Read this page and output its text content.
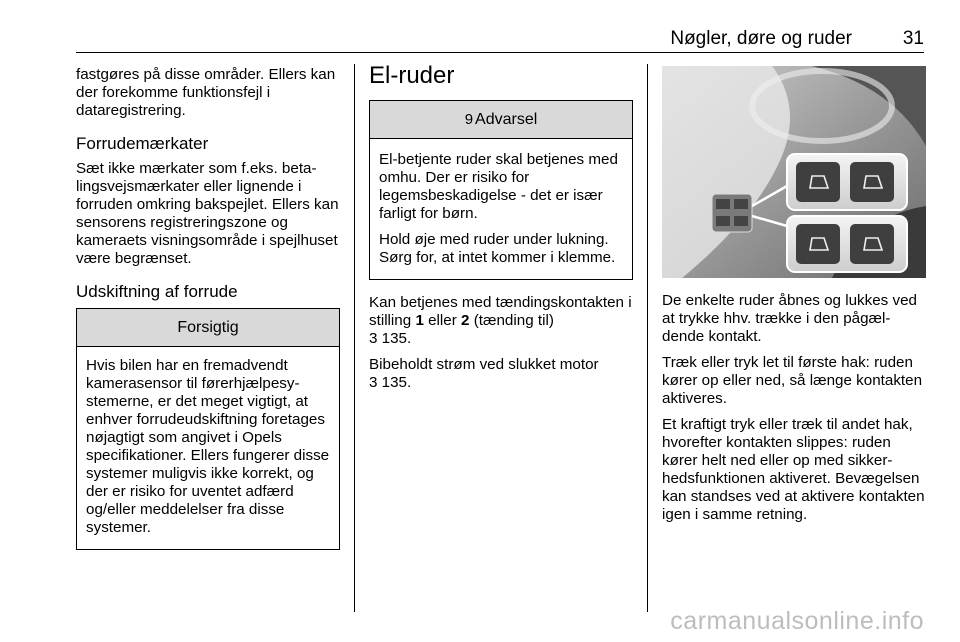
Nøgler, døre og ruder	31

fastgøres på disse områder. Ellers kan der forekomme funktionsfejl i dataregistrering.

Forrudemærkater

Sæt ikke mærkater som f.eks. betalingsvejsmærkater eller lignende i forruden omkring bakspejlet. Ellers kan sensorens registreringszone og kameraets visningsområde i spejlhuset være begrænset.

Udskiftning af forrude
Forsigtig

Hvis bilen har en fremadvendt kamerasensor til førerhjælpesystemerne, er det meget vigtigt, at enhver forrudeudskiftning foretages nøjagtigt som angivet i Opels specifikationer. Ellers fungerer disse systemer muligvis ikke korrekt, og der er risiko for uventet adfærd og/eller meddelelser fra disse systemer.

El-ruder
9 Advarsel

El-betjente ruder skal betjenes med omhu. Der er risiko for legemsbeskadigelse - det er især farligt for børn.

Hold øje med ruder under lukning. Sørg for, at intet kommer i klemme.

Kan betjenes med tændingskontakten i stilling 1 eller 2 (tænding til)
3 135.

Bibeholdt strøm ved slukket motor
3 135.

De enkelte ruder åbnes og lukkes ved at trykke hhv. trække i den pågældende kontakt.

Træk eller tryk let til første hak: ruden kører op eller ned, så længe kontakten aktiveres.

Et kraftigt tryk eller træk til andet hak, hvorefter kontakten slippes: ruden kører helt ned eller op med sikkerhedsfunktionen aktiveret. Bevægelsen kan standses ved at aktivere kontakten igen i samme retning.

carmanualsonline.info
